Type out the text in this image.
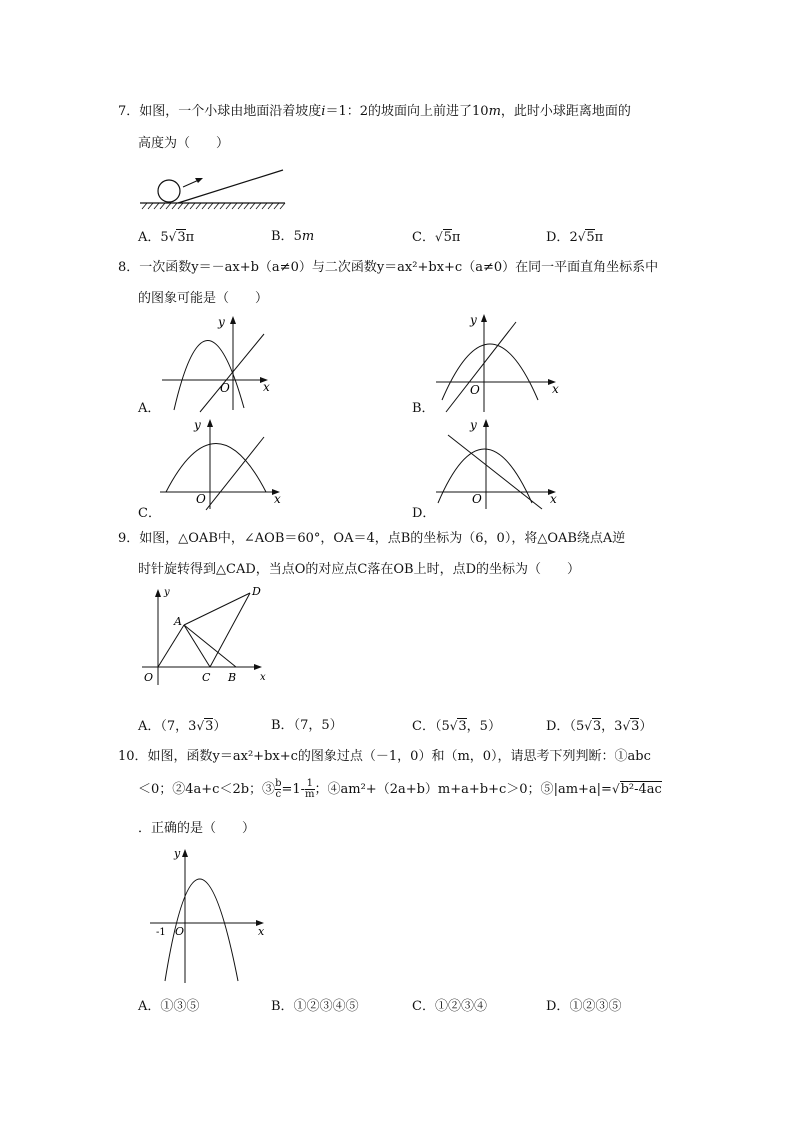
7．如图，一个小球由地面沿着坡度i＝1：2的坡面向上前进了10m，此时小球距离地面的
高度为（　　）
A．5√3π	B．5m	C．√5π	D．2√5π
8．一次函数y＝－ax+b（a≠0）与二次函数y＝ax²+bx+c（a≠0）在同一平面直角坐标系中
的图象可能是（　　）
y
x
O
A．
y
x
O
B．
y
x
O
C．
y
x
O
D．
9．如图，△OAB中，∠AOB＝60°，OA＝4，点B的坐标为（6，0），将△OAB绕点A逆
时针旋转得到△CAD，当点O的对应点C落在OB上时，点D的坐标为（　　）
y
x
O
A
C B
D
A．（7，3√3）	B．（7，5）	C．（5√3，5）	D．（5√3，3√3）
10．如图，函数y＝ax²+bx+c的图象过点（－1，0）和（m，0），请思考下列判断：①abc
＜0；②4a+c＜2b；③ $\frac{b}{c} =1- \frac{1}{m}$ ；④am²+（2a+b）m+a+b+c＞0；⑤|am+a|=√b²-4ac
．正确的是（　　）
y
x
-1 O
A．①③⑤	B．①②③④⑤	C．①②③④	D．①②③⑤
